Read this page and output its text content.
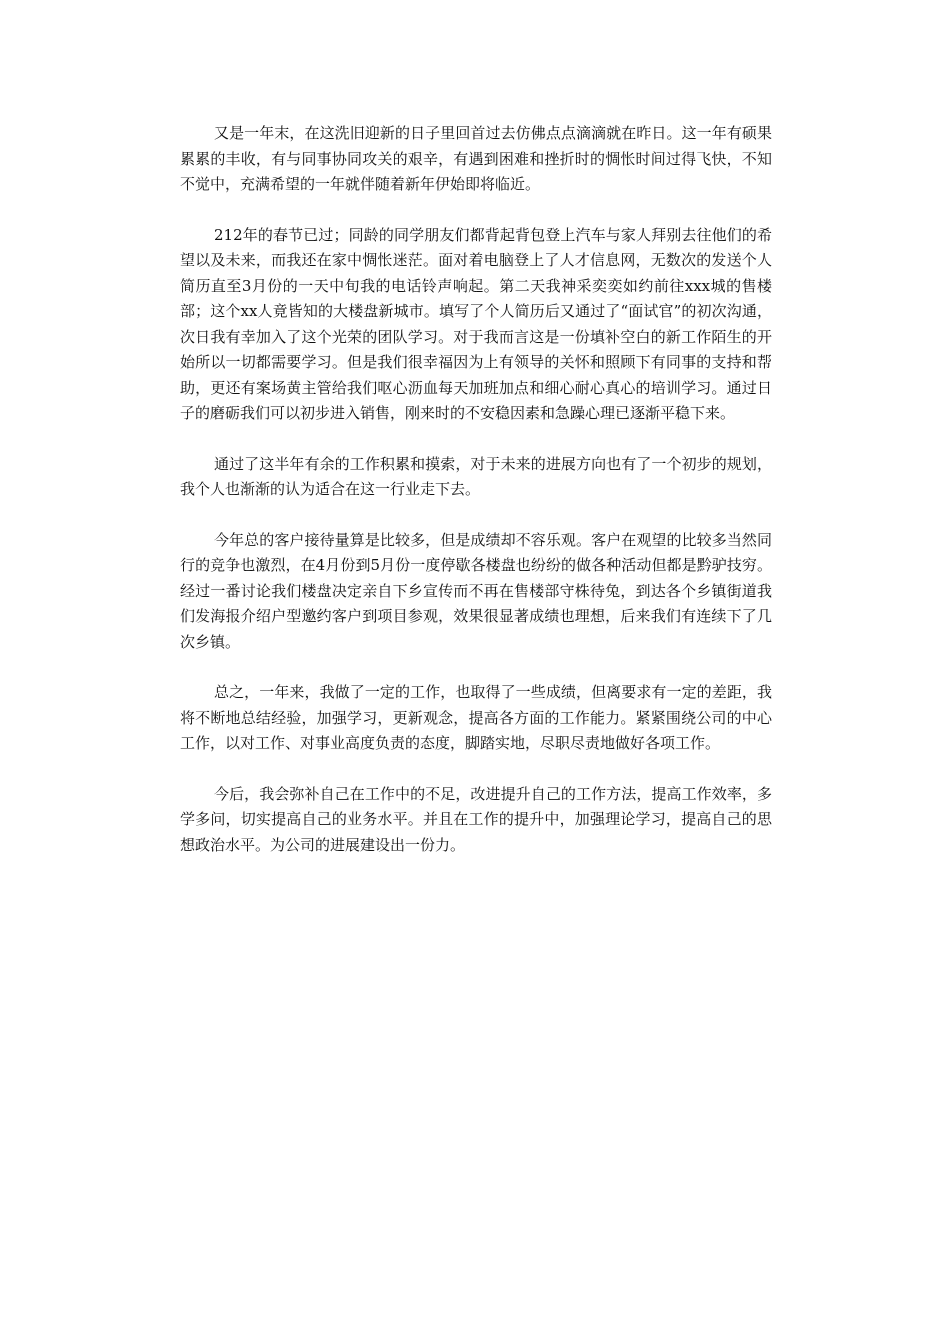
又是一年末，在这洗旧迎新的日子里回首过去仿佛点点滴滴就在昨日。这一年有硕果累累的丰收，有与同事协同攻关的艰辛，有遇到困难和挫折时的惆怅时间过得飞快，不知不觉中，充满希望的一年就伴随着新年伊始即将临近。

212年的春节已过；同龄的同学朋友们都背起背包登上汽车与家人拜别去往他们的希望以及未来，而我还在家中惆怅迷茫。面对着电脑登上了人才信息网，无数次的发送个人简历直至3月份的一天中旬我的电话铃声响起。第二天我神采奕奕如约前往xxx城的售楼部；这个xx人竟皆知的大楼盘新城市。填写了个人简历后又通过了“面试官”的初次沟通，次日我有幸加入了这个光荣的团队学习。对于我而言这是一份填补空白的新工作陌生的开始所以一切都需要学习。但是我们很幸福因为上有领导的关怀和照顾下有同事的支持和帮助，更还有案场黄主管给我们呕心沥血每天加班加点和细心耐心真心的培训学习。通过日子的磨砺我们可以初步进入销售，刚来时的不安稳因素和急躁心理已逐渐平稳下来。

通过了这半年有余的工作积累和摸索，对于未来的进展方向也有了一个初步的规划，我个人也渐渐的认为适合在这一行业走下去。

今年总的客户接待量算是比较多，但是成绩却不容乐观。客户在观望的比较多当然同行的竞争也激烈，在4月份到5月份一度停歇各楼盘也纷纷的做各种活动但都是黔驴技穷。经过一番讨论我们楼盘决定亲自下乡宣传而不再在售楼部守株待兔，到达各个乡镇街道我们发海报介绍户型邀约客户到项目参观，效果很显著成绩也理想，后来我们有连续下了几次乡镇。

总之，一年来，我做了一定的工作，也取得了一些成绩，但离要求有一定的差距，我将不断地总结经验，加强学习，更新观念，提高各方面的工作能力。紧紧围绕公司的中心工作，以对工作、对事业高度负责的态度，脚踏实地，尽职尽责地做好各项工作。

今后，我会弥补自己在工作中的不足，改进提升自己的工作方法，提高工作效率，多学多问，切实提高自己的业务水平。并且在工作的提升中，加强理论学习，提高自己的思想政治水平。为公司的进展建设出一份力。
